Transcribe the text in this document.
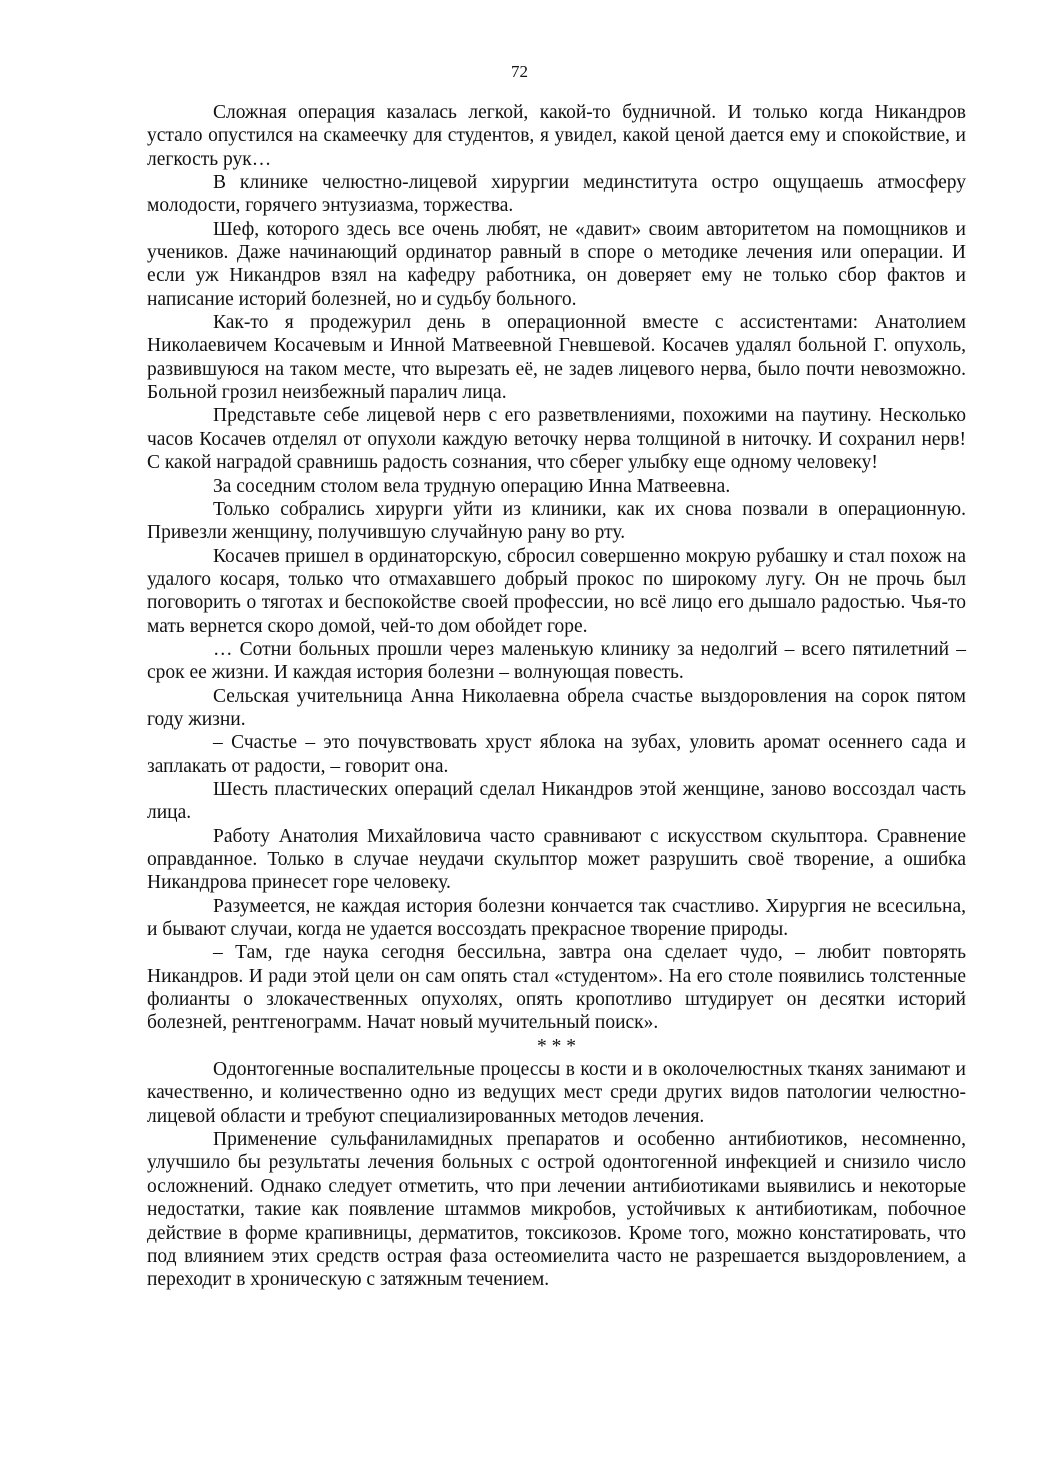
72

Сложная операция казалась легкой, какой-то будничной. И только когда Никандров устало опустился на скамеечку для студентов, я увидел, какой ценой дается ему и спокойствие, и легкость рук…

В клинике челюстно-лицевой хирургии мединститута остро ощущаешь атмосферу молодости, горячего энтузиазма, торжества.

Шеф, которого здесь все очень любят, не «давит» своим авторитетом на помощников и учеников. Даже начинающий ординатор равный в споре о методике лечения или операции. И если уж Никандров взял на кафедру работника, он доверяет ему не только сбор фактов и написание историй болезней, но и судьбу больного.

Как-то я продежурил день в операционной вместе с ассистентами: Анатолием Николаевичем Косачевым и Инной Матвеевной Гневшевой. Косачев удалял больной Г. опухоль, развившуюся на таком месте, что вырезать её, не задев лицевого нерва, было почти невозможно. Больной грозил неизбежный паралич лица.

Представьте себе лицевой нерв с его разветвлениями, похожими на паутину. Несколько часов Косачев отделял от опухоли каждую веточку нерва толщиной в ниточку. И сохранил нерв! С какой наградой сравнишь радость сознания, что сберег улыбку еще одному человеку!

За соседним столом вела трудную операцию Инна Матвеевна.

Только собрались хирурги уйти из клиники, как их снова позвали в операционную. Привезли женщину, получившую случайную рану во рту.

Косачев пришел в ординаторскую, сбросил совершенно мокрую рубашку и стал похож на удалого косаря, только что отмахавшего добрый прокос по широкому лугу. Он не прочь был поговорить о тяготах и беспокойстве своей профессии, но всё лицо его дышало радостью. Чья-то мать вернется скоро домой, чей-то дом обойдет горе.

… Сотни больных прошли через маленькую клинику за недолгий – всего пятилетний – срок ее жизни. И каждая история болезни – волнующая повесть.

Сельская учительница Анна Николаевна обрела счастье выздоровления на сорок пятом году жизни.

– Счастье – это почувствовать хруст яблока на зубах, уловить аромат осеннего сада и заплакать от радости, – говорит она.

Шесть пластических операций сделал Никандров этой женщине, заново воссоздал часть лица.

Работу Анатолия Михайловича часто сравнивают с искусством скульптора. Сравнение оправданное. Только в случае неудачи скульптор может разрушить своё творение, а ошибка Никандрова принесет горе человеку.

Разумеется, не каждая история болезни кончается так счастливо. Хирургия не всесильна, и бывают случаи, когда не удается воссоздать прекрасное творение природы.

– Там, где наука сегодня бессильна, завтра она сделает чудо, – любит повторять Никандров. И ради этой цели он сам опять стал «студентом». На его столе появились толстенные фолианты о злокачественных опухолях, опять кропотливо штудирует он десятки историй болезней, рентгенограмм. Начат новый мучительный поиск».

* * *

Одонтогенные воспалительные процессы в кости и в околочелюстных тканях занимают и качественно, и количественно одно из ведущих мест среди других видов патологии челюстно-лицевой области и требуют специализированных методов лечения.

Применение сульфаниламидных препаратов и особенно антибиотиков, несомненно, улучшило бы результаты лечения больных с острой одонтогенной инфекцией и снизило число осложнений. Однако следует отметить, что при лечении антибиотиками выявились и некоторые недостатки, такие как появление штаммов микробов, устойчивых к антибиотикам, побочное действие в форме крапивницы, дерматитов, токсикозов. Кроме того, можно констатировать, что под влиянием этих средств острая фаза остеомиелита часто не разрешается выздоровлением, а переходит в хроническую с затяжным течением.
